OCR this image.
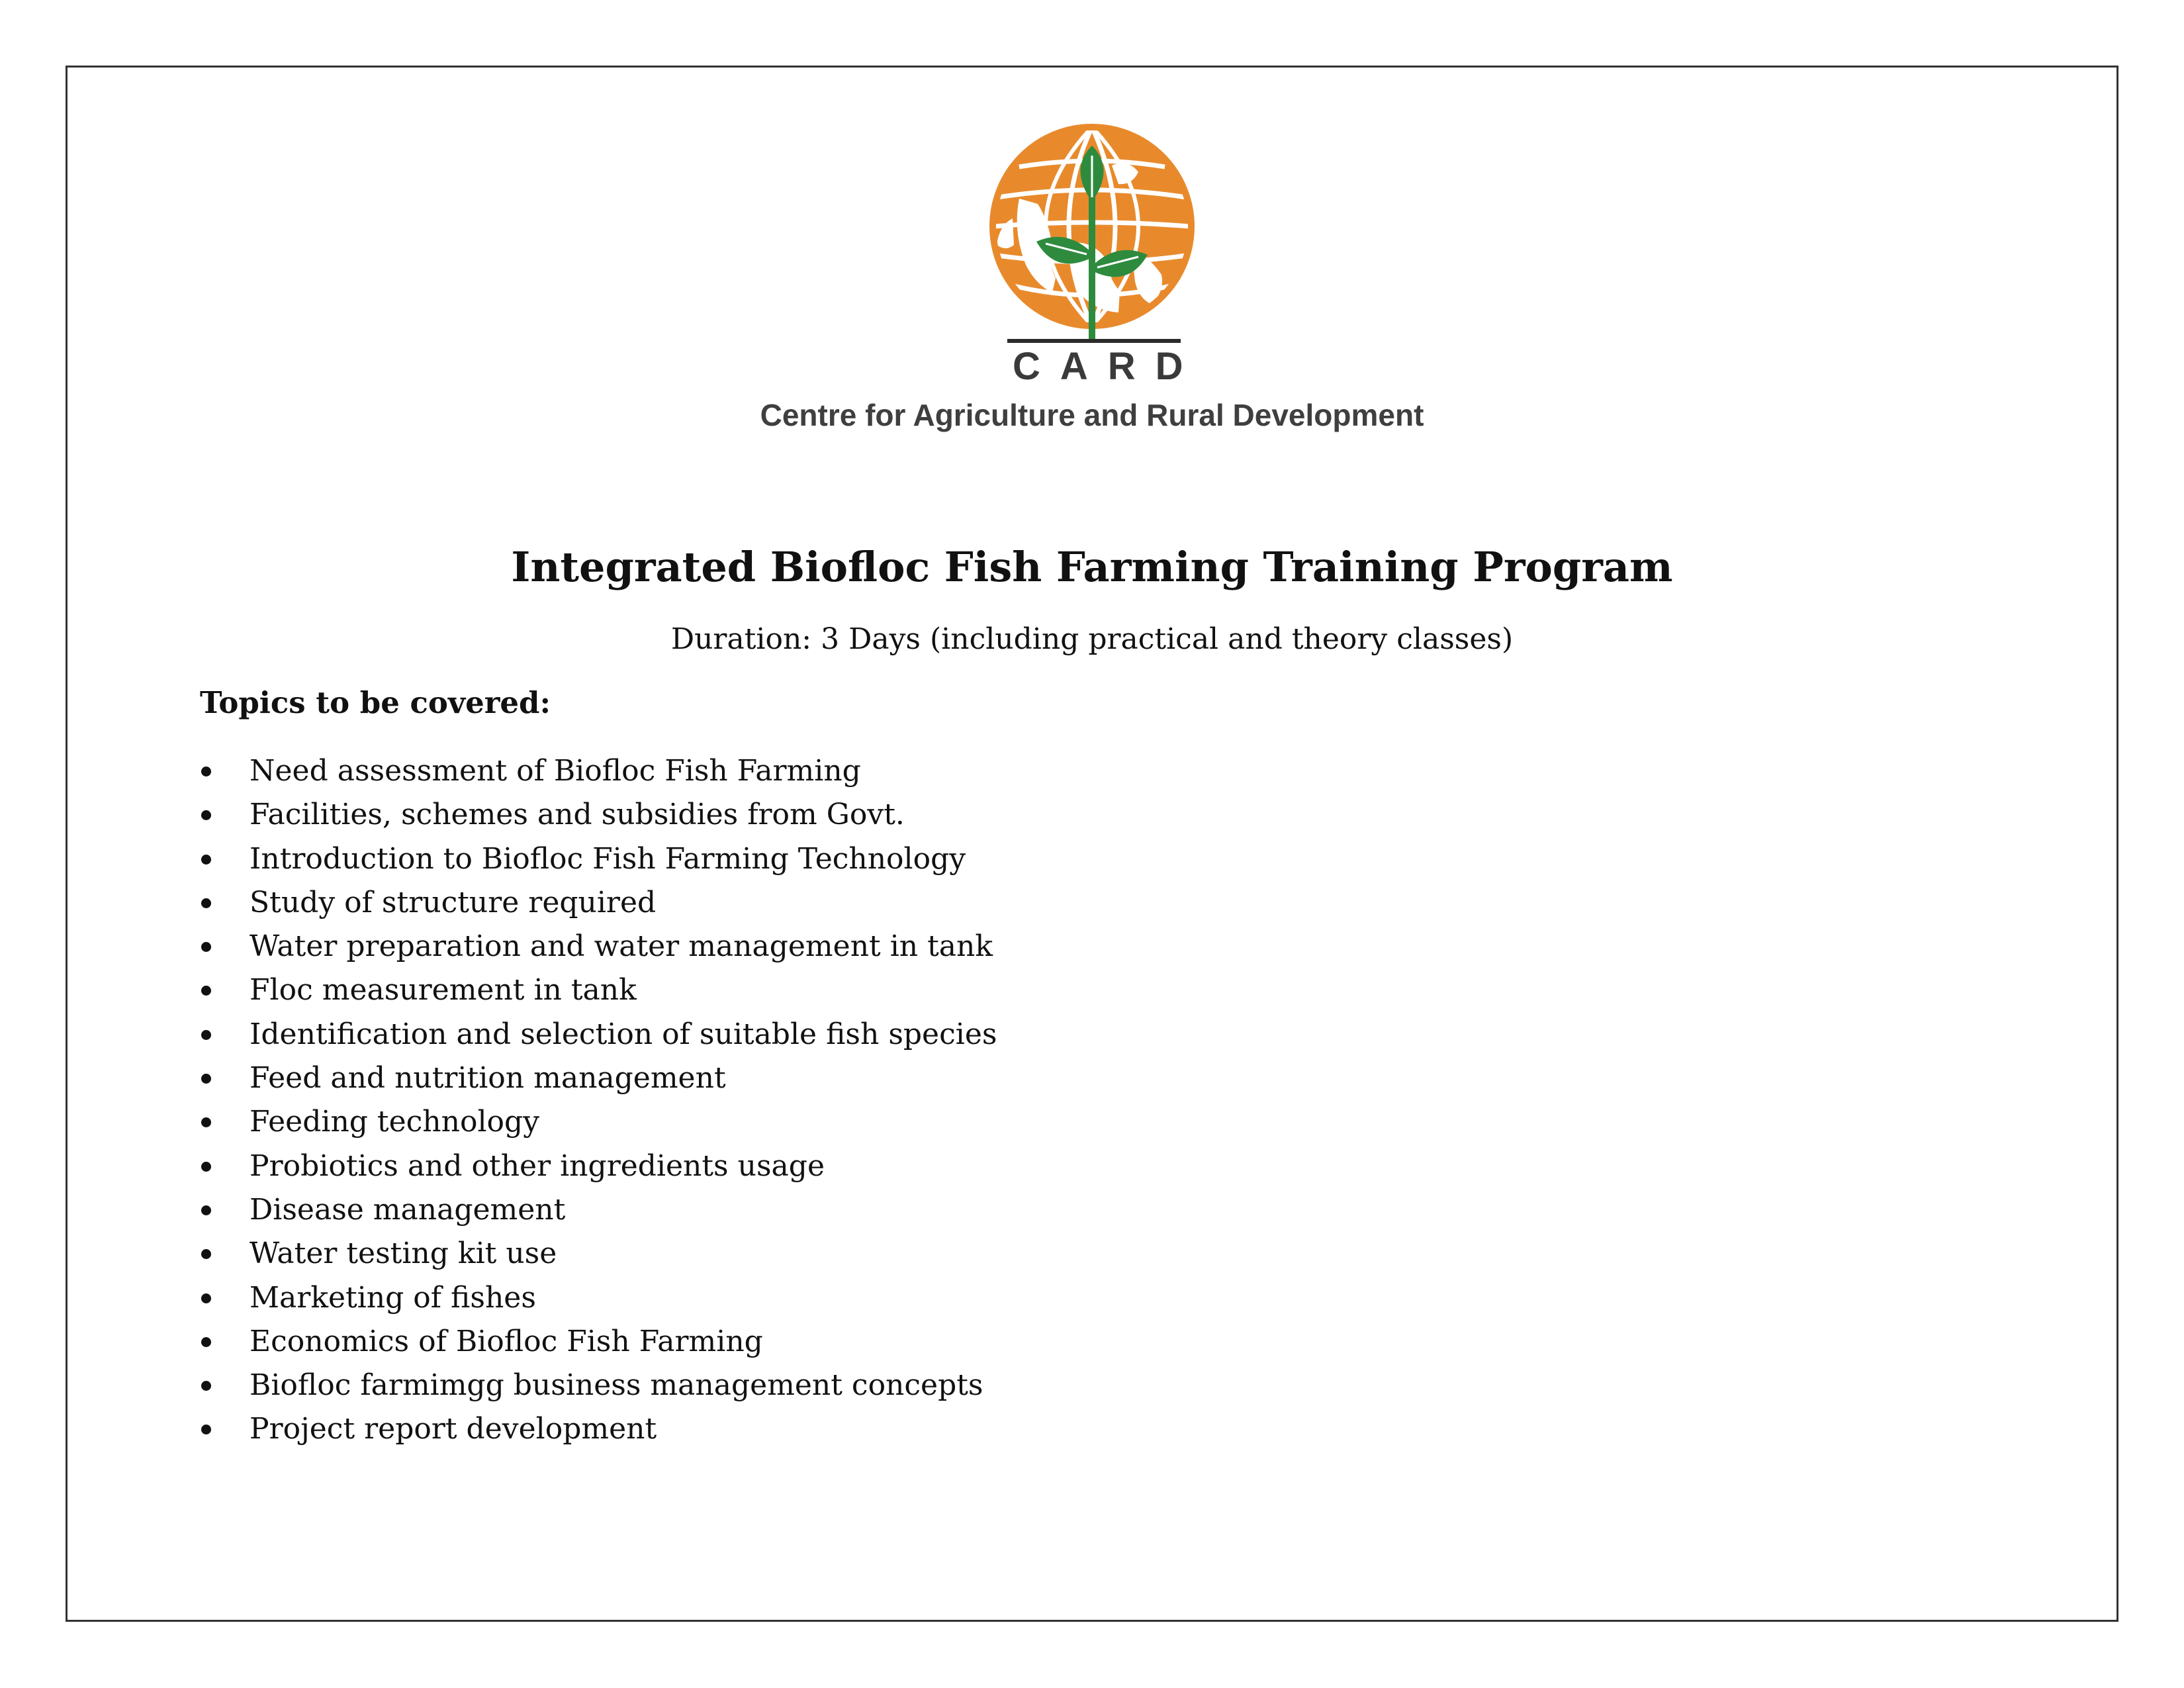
CARD
Centre for Agriculture and Rural Development
Integrated Biofloc Fish Farming Training Program
Duration: 3 Days (including practical and theory classes)
Topics to be covered:
Need assessment of Biofloc Fish Farming
Facilities, schemes and subsidies from Govt.
Introduction to Biofloc Fish Farming Technology
Study of structure required
Water preparation and water management in tank
Floc measurement in tank
Identification and selection of suitable fish species
Feed and nutrition management
Feeding technology
Probiotics and other ingredients usage
Disease management
Water testing kit use
Marketing of fishes
Economics of Biofloc Fish Farming
Biofloc farmimgg business management concepts
Project report development
